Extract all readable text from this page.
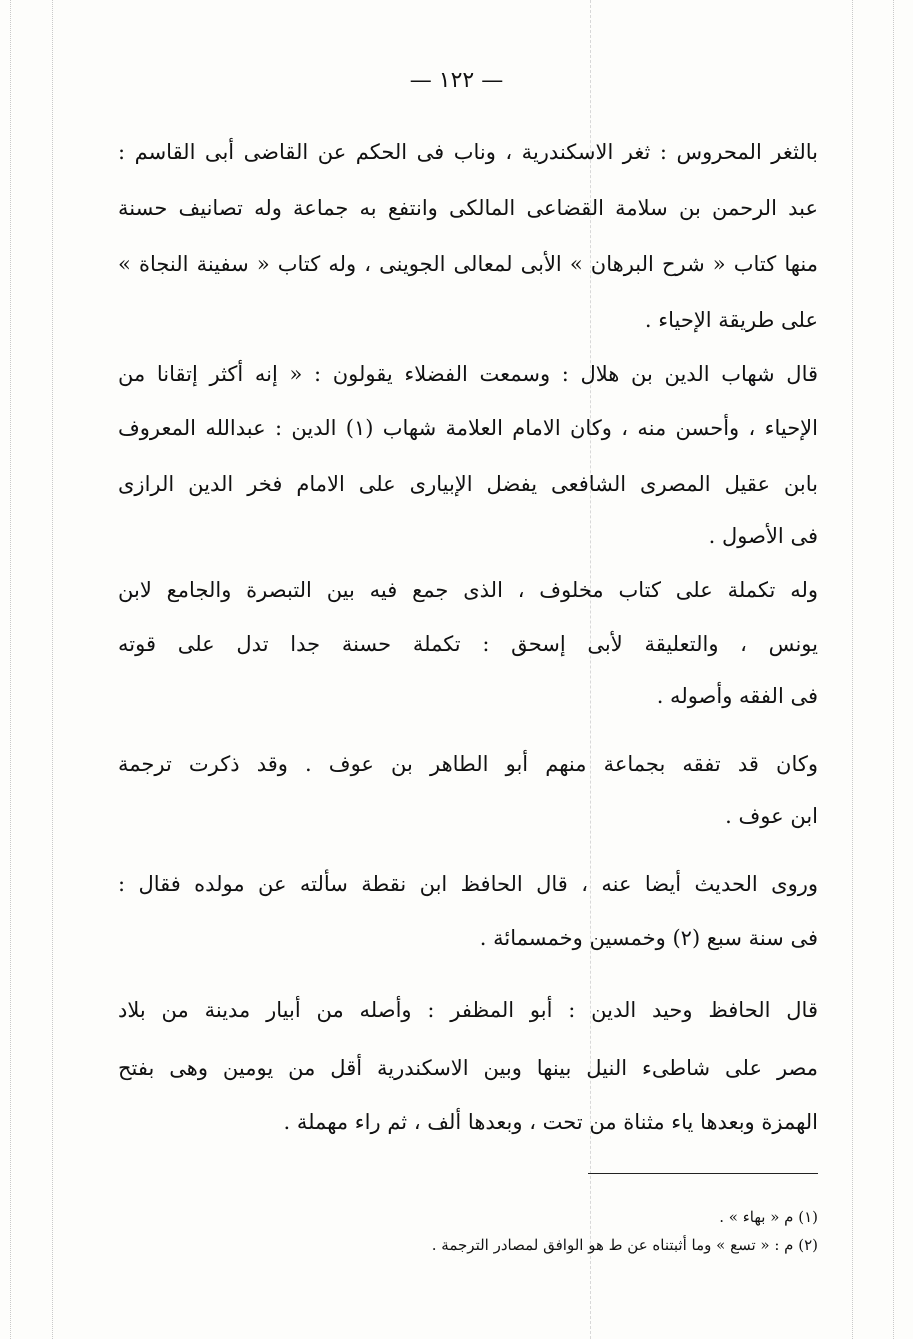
— ١٢٢ —
بالثغر المحروس : ثغر الاسكندرية ، وناب فى الحكم عن القاضى أبى القاسم :
عبد الرحمن بن سلامة القضاعى المالكى وانتفع به جماعة وله تصانيف حسنة
منها كتاب « شرح البرهان » الأبى لمعالى الجوينى ، وله كتاب « سفينة النجاة »
على طريقة الإحياء .
قال شهاب الدين بن هلال : وسمعت الفضلاء يقولون : « إنه أكثر إتقانا من
الإحياء ، وأحسن منه ، وكان الامام العلامة شهاب (١) الدين : عبدالله المعروف
بابن عقيل المصرى الشافعى يفضل الإبيارى على الامام فخر الدين الرازى
فى الأصول .
وله تكملة على كتاب مخلوف ، الذى جمع فيه بين التبصرة والجامع لابن
يونس ، والتعليقة لأبى إسحق : تكملة حسنة جدا تدل على قوته
فى الفقه وأصوله .
وكان قد تفقه بجماعة منهم أبو الطاهر بن عوف . وقد ذكرت ترجمة
ابن عوف .
وروى الحديث أيضا عنه ، قال الحافظ ابن نقطة سألته عن مولده فقال :
فى سنة سبع (٢) وخمسين وخمسمائة .
قال الحافظ وحيد الدين : أبو المظفر : وأصله من أبيار مدينة من بلاد
مصر على شاطىء النيل بينها وبين الاسكندرية أقل من يومين وهى بفتح
الهمزة وبعدها ياء مثناة من تحت ، وبعدها ألف ، ثم راء مهملة .
(١) م « بهاء » .
(٢) م : « تسع » وما أثبتناه عن ط هو الوافق لمصادر الترجمة .
